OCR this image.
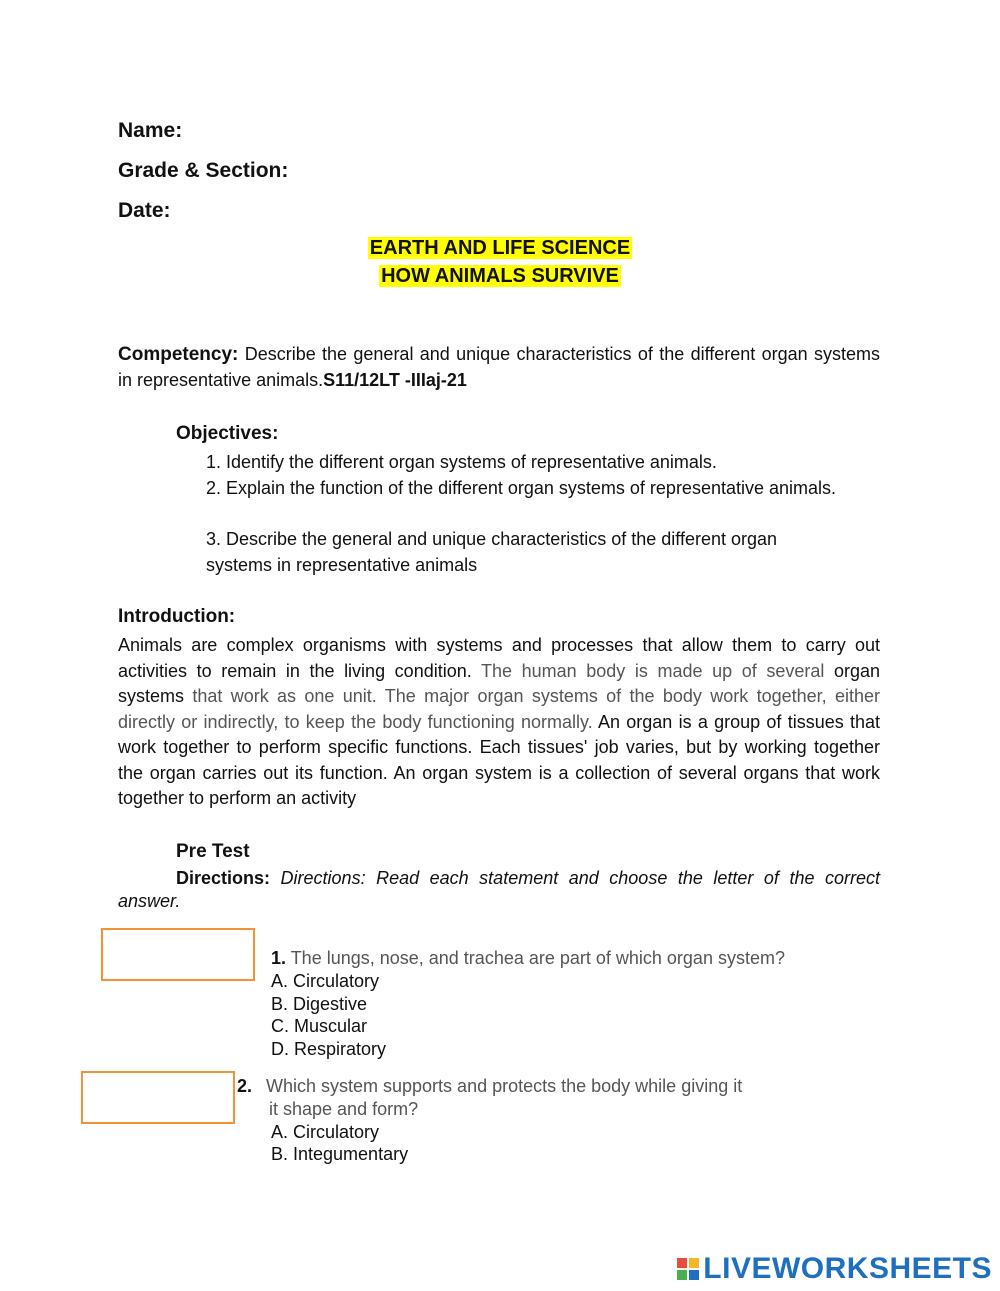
Name:
Grade & Section:
Date:
EARTH AND LIFE SCIENCE
HOW ANIMALS SURVIVE
Competency: Describe the general and unique characteristics of the different organ systems in representative animals.S11/12LT -IIIaj-21
Objectives:
1. Identify the different organ systems of representative animals.
2. Explain the function of the different organ systems of representative animals.
3. Describe the general and unique characteristics of the different organ systems in representative animals
Introduction:
Animals are complex organisms with systems and processes that allow them to carry out activities to remain in the living condition. The human body is made up of several organ systems that work as one unit. The major organ systems of the body work together, either directly or indirectly, to keep the body functioning normally. An organ is a group of tissues that work together to perform specific functions. Each tissues' job varies, but by working together the organ carries out its function. An organ system is a collection of several organs that work together to perform an activity
Pre Test
Directions: Directions: Read each statement and choose the letter of the correct answer.
1. The lungs, nose, and trachea are part of which organ system?
A. Circulatory
B. Digestive
C. Muscular
D. Respiratory
2. Which system supports and protects the body while giving it
it shape and form?
A. Circulatory
B. Integumentary
LIVEWORKSHEETS
